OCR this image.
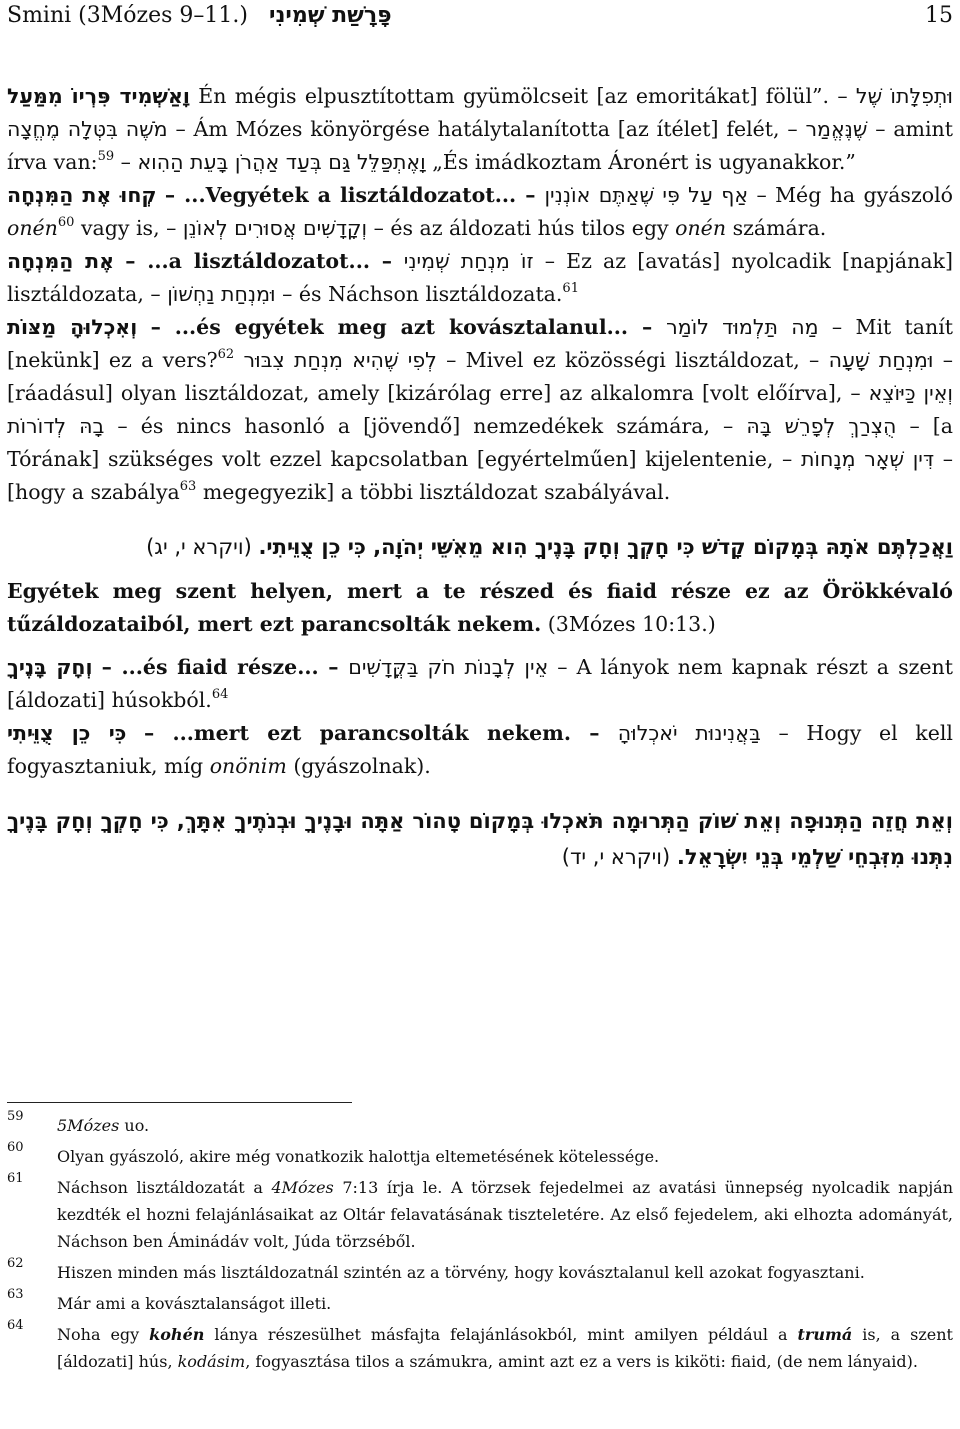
Smini (3Mózes 9–11.) פָּרָשַׁת שְׁמִינִי	15

וָאַשְׁמִיד פִּרְיוֹ מִמַּעַל Én mégis elpusztítottam gyümölcseit [az emoritákat] fölül”. – וּתְפִלָּתוֹ שֶׁל מֹשֶׁה בִּטְּלָה מֶחֱצָה – Ám Mózes könyörgése hatálytalanította [az ítélet] felét, – שֶׁנֶּאֱמַר – amint írva van:$^{59}$ – וָאֶתְפַּלֵּל גַּם בְּעַד אַהֲרֹן בָּעֵת הַהִוא „És imádkoztam Áronért is ugyanakkor.”

קְחוּ אֶת הַמִּנְחָה – ...Vegyétek a lisztáldozatot... – אַף עַל פִּי שֶׁאַתֶּם אוֹנְנִין – Még ha gyászoló onén$^{60}$ vagy is, – וְקָדָשִׁים אֲסוּרִים לְאוֹנֵן – és az áldozati hús tilos egy onén számára.

אֶת הַמִּנְחָה – ...a lisztáldozatot... – זוֹ מִנְחַת שְׁמִינִי – Ez az [avatás] nyolcadik [napjának] lisztáldozata, – וּמִנְחַת נַחְשׁוֹן – és Náchson lisztáldozata.$^{61}$

וְאִכְלוּהָ מַצּוֹת – ...és egyétek meg azt kovásztalanul... – מַה תַּלְמוּד לוֹמַר – Mit tanít [nekünk] ez a vers?$^{62}$ לְפִי שֶׁהִיא מִנְחַת צִבּוּר – Mivel ez közösségi lisztáldozat, – וּמִנְחַת שָׁעָה – [ráadásul] olyan lisztáldozat, amely [kizárólag erre] az alkalomra [volt előírva], – וְאֵין כַּיּוֹצֵא בָהּ לְדוֹרוֹת – és nincs hasonló a [jövendő] nemzedékek számára, – הֻצְרַךְ לְפָרֵשׁ בָּהּ – [a Tórának] szükséges volt ezzel kapcsolatban [egyértelműen] kijelentenie, – דִּין שְׁאָר מְנָחוֹת – [hogy a szabálya$^{63}$ megegyezik] a többi lisztáldozat szabályával.

וַאֲכַלְתֶּם אֹתָהּ בְּמָקוֹם קָדֹשׁ כִּי חָקְךָ וְחָק בָּנֶיךָ הִוא מֵאִשֵּׁי יְהֹוָה, כִּי כֵן צֻוֵּיתִי. (ויקרא י, יג)

Egyétek meg szent helyen, mert a te részed és fiaid része ez az Örökkévaló tűzáldozataiból, mert ezt parancsolták nekem. (3Mózes 10:13.)

וְחָק בָּנֶיךָ – ...és fiaid része... – אֵין לְבָנוֹת חֹק בַּקֳּדָשִׁים – A lányok nem kapnak részt a szent [áldozati] húsokból.$^{64}$

כִּי כֵן צֻוֵּיתִי – ...mert ezt parancsolták nekem. – בַּאֲנִינוּת יֹאכְלוּהָ – Hogy el kell fogyasztaniuk, míg onönim (gyászolnak).

וְאֵת חֲזֵה הַתְּנוּפָה וְאֵת שׁוֹק הַתְּרוּמָה תֹּאכְלוּ בְּמָקוֹם טָהוֹר אַתָּה וּבָנֶיךָ וּבְנֹתֶיךָ אִתָּךְ, כִּי חָקְךָ וְחָק בָּנֶיךָ נִתְּנוּ מִזִּבְחֵי שַׁלְמֵי בְּנֵי יִשְׂרָאֵל. (ויקרא י, יד)

59 5Mózes uo.
60 Olyan gyászoló, akire még vonatkozik halottja eltemetésének kötelessége.
61 Náchson lisztáldozatát a 4Mózes 7:13 írja le. A törzsek fejedelmei az avatási ünnepség nyolcadik napján kezdték el hozni felajánlásaikat az Oltár felavatásának tiszteletére. Az első fejedelem, aki elhozta adományát, Náchson ben Áminádáv volt, Júda törzséből.
62 Hiszen minden más lisztáldozatnál szintén az a törvény, hogy kovásztalanul kell azokat fogyasztani.
63 Már ami a kovásztalanságot illeti.
64 Noha egy kohén lánya részesülhet másfajta felajánlásokból, mint amilyen például a trumá is, a szent [áldozati] hús, kodásim, fogyasztása tilos a számukra, amint azt ez a vers is kiköti: fiaid, (de nem lányaid).
